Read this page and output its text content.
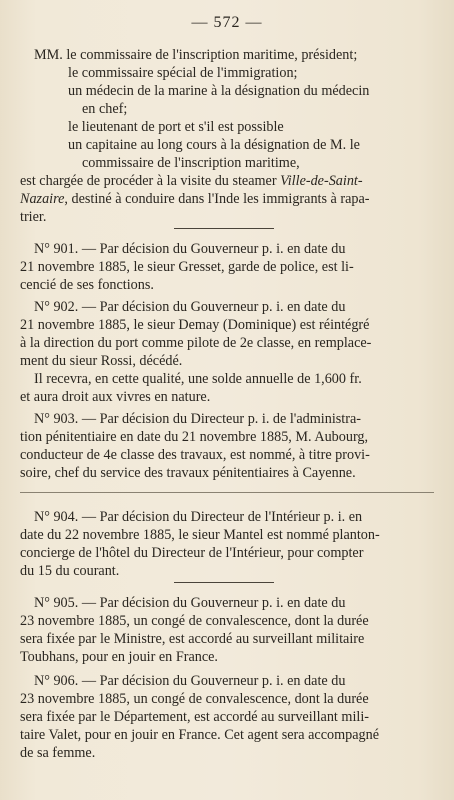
— 572 —
MM. le commissaire de l'inscription maritime, président;
le commissaire spécial de l'immigration;
un médecin de la marine à la désignation du médecin
en chef;
le lieutenant de port et s'il est possible
un capitaine au long cours à la désignation de M. le
commissaire de l'inscription maritime,
est chargée de procéder à la visite du steamer Ville-de-Saint-
Nazaire, destiné à conduire dans l'Inde les immigrants à rapa-
trier.
N° 901. — Par décision du Gouverneur p. i. en date du
21 novembre 1885, le sieur Gresset, garde de police, est li-
cencié de ses fonctions.
N° 902. — Par décision du Gouverneur p. i. en date du
21 novembre 1885, le sieur Demay (Dominique) est réintégré
à la direction du port comme pilote de 2e classe, en remplace-
ment du sieur Rossi, décédé.
Il recevra, en cette qualité, une solde annuelle de 1,600 fr.
et aura droit aux vivres en nature.
N° 903. — Par décision du Directeur p. i. de l'administra-
tion pénitentiaire en date du 21 novembre 1885, M. Aubourg,
conducteur de 4e classe des travaux, est nommé, à titre provi-
soire, chef du service des travaux pénitentiaires à Cayenne.
N° 904. — Par décision du Directeur de l'Intérieur p. i. en
date du 22 novembre 1885, le sieur Mantel est nommé planton-
concierge de l'hôtel du Directeur de l'Intérieur, pour compter
du 15 du courant.
N° 905. — Par décision du Gouverneur p. i. en date du
23 novembre 1885, un congé de convalescence, dont la durée
sera fixée par le Ministre, est accordé au surveillant militaire
Toubhans, pour en jouir en France.
N° 906. — Par décision du Gouverneur p. i. en date du
23 novembre 1885, un congé de convalescence, dont la durée
sera fixée par le Département, est accordé au surveillant mili-
taire Valet, pour en jouir en France. Cet agent sera accompagné
de sa femme.
